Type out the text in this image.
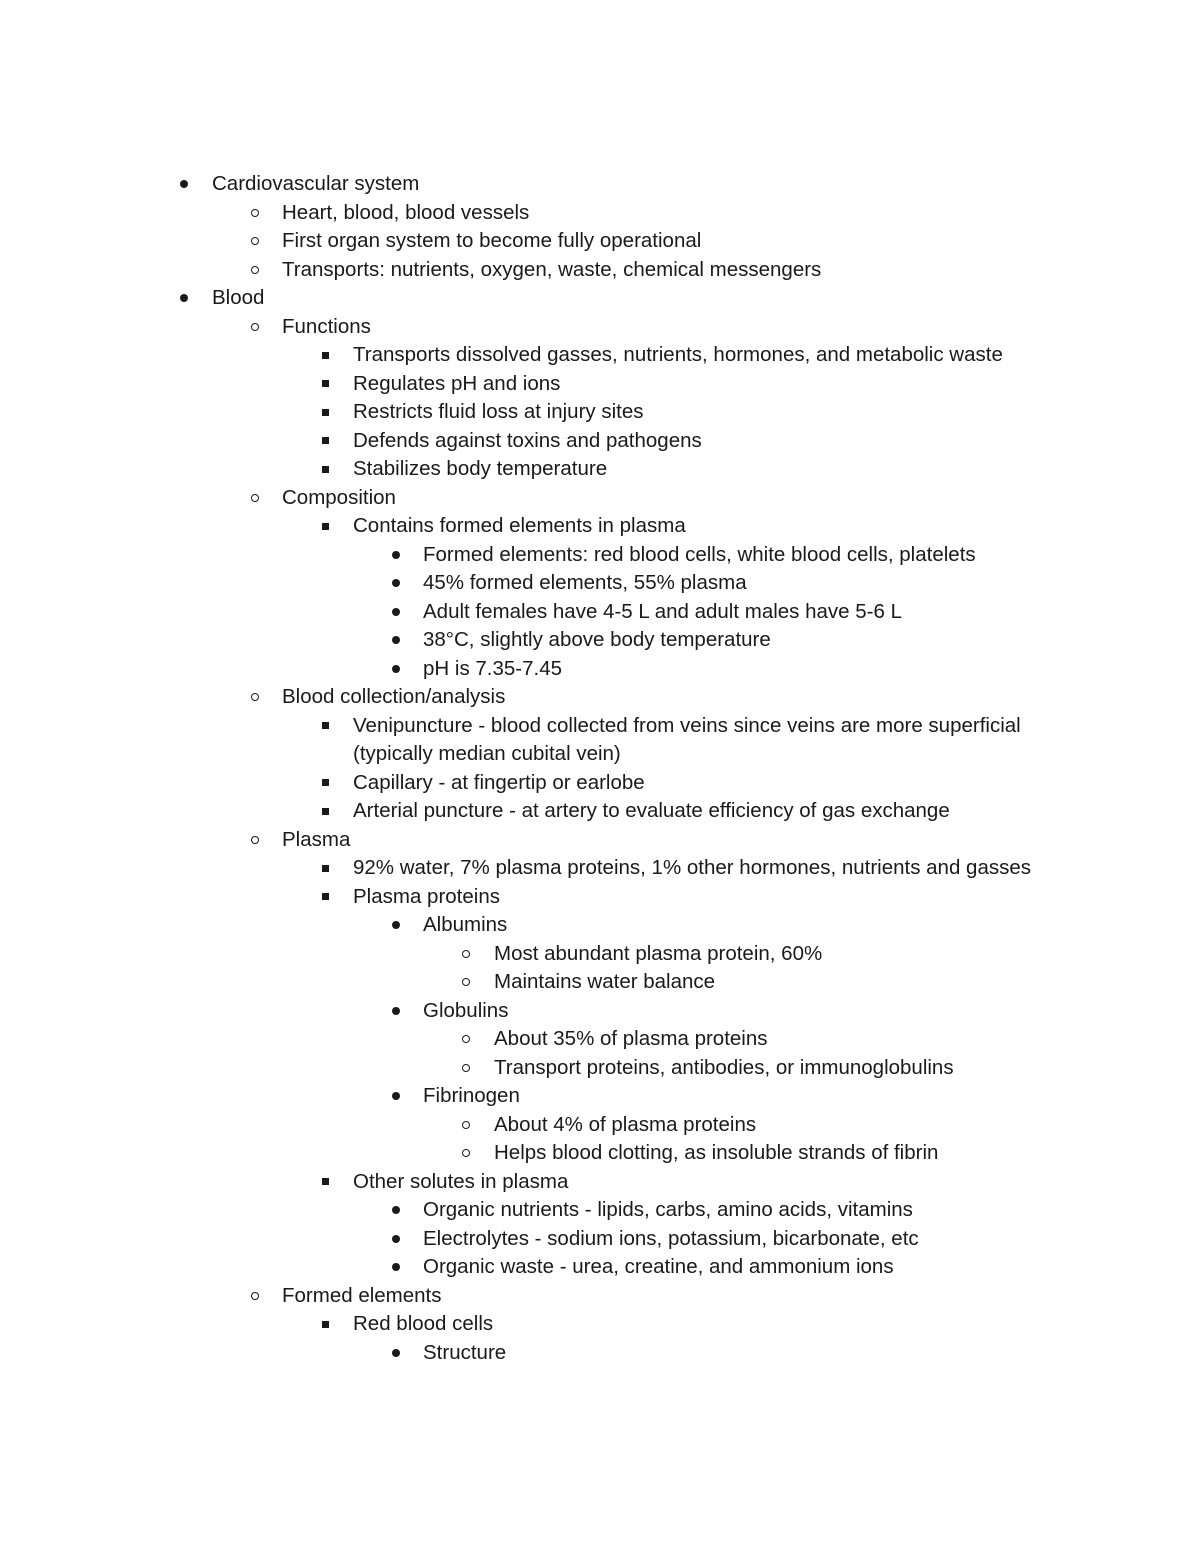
Cardiovascular system
Heart, blood, blood vessels
First organ system to become fully operational
Transports: nutrients, oxygen, waste, chemical messengers
Blood
Functions
Transports dissolved gasses, nutrients, hormones, and metabolic waste
Regulates pH and ions
Restricts fluid loss at injury sites
Defends against toxins and pathogens
Stabilizes body temperature
Composition
Contains formed elements in plasma
Formed elements: red blood cells, white blood cells, platelets
45% formed elements, 55% plasma
Adult females have 4-5 L and adult males have 5-6 L
38°C, slightly above body temperature
pH is 7.35-7.45
Blood collection/analysis
Venipuncture - blood collected from veins since veins are more superficial (typically median cubital vein)
Capillary - at fingertip or earlobe
Arterial puncture - at artery to evaluate efficiency of gas exchange
Plasma
92% water, 7% plasma proteins, 1% other hormones, nutrients and gasses
Plasma proteins
Albumins
Most abundant plasma protein, 60%
Maintains water balance
Globulins
About 35% of plasma proteins
Transport proteins, antibodies, or immunoglobulins
Fibrinogen
About 4% of plasma proteins
Helps blood clotting, as insoluble strands of fibrin
Other solutes in plasma
Organic nutrients - lipids, carbs, amino acids, vitamins
Electrolytes - sodium ions, potassium, bicarbonate, etc
Organic waste - urea, creatine, and ammonium ions
Formed elements
Red blood cells
Structure
